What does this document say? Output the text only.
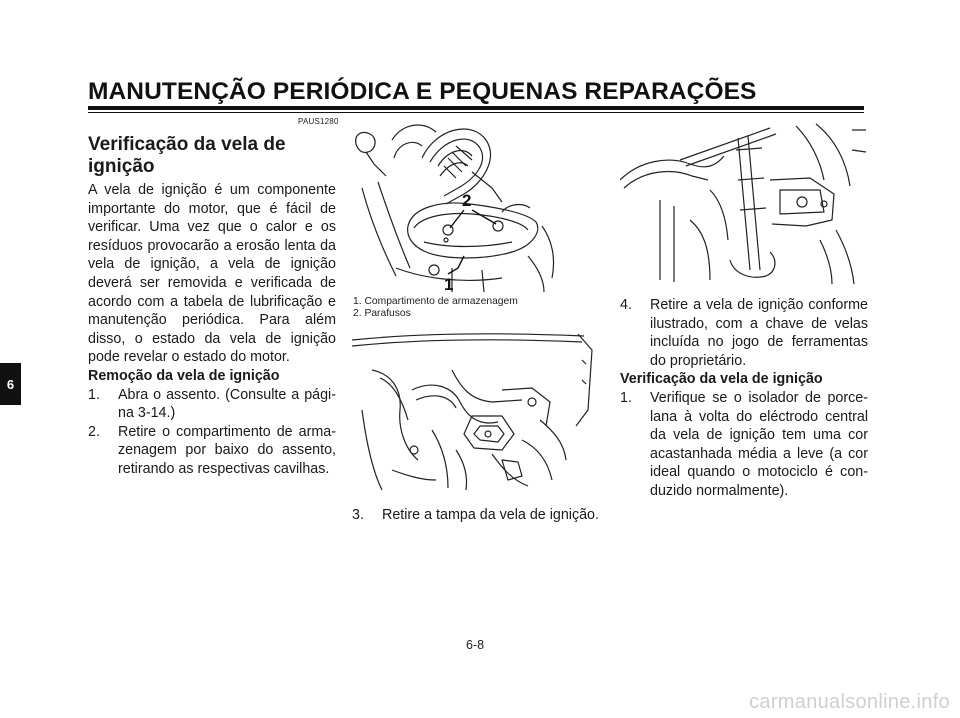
MANUTENÇÃO PERIÓDICA E PEQUENAS REPARAÇÕES
6
PAUS1280
Verificação da vela de ignição

A vela de ignição é um componente importante do motor, que é fácil de verificar. Uma vez que o calor e os resíduos provocarão a erosão lenta da vela de ignição, a vela de ignição deverá ser removida e verificada de acordo com a tabela de lubrificação e manutenção periódica. Para além disso, o estado da vela de ignição pode revelar o estado do motor.

Remoção da vela de ignição
1.	Abra o assento. (Consulte a pági-na 3-14.)
2.	Retire o compartimento de arma-zenagem por baixo do assento, retirando as respectivas cavilhas.
2
1
1. Compartimento de armazenagem
2. Parafusos
3.	Retire a tampa da vela de ignição.
4.	Retire a vela de ignição conforme ilustrado, com a chave de velas incluída no jogo de ferramentas do proprietário.
Verificação da vela de ignição
1.	Verifique se o isolador de porce-lana à volta do eléctrodo central da vela de ignição tem uma cor acastanhada média a leve (a cor ideal quando o motociclo é con-duzido normalmente).
6-8
carmanualsonline.info
